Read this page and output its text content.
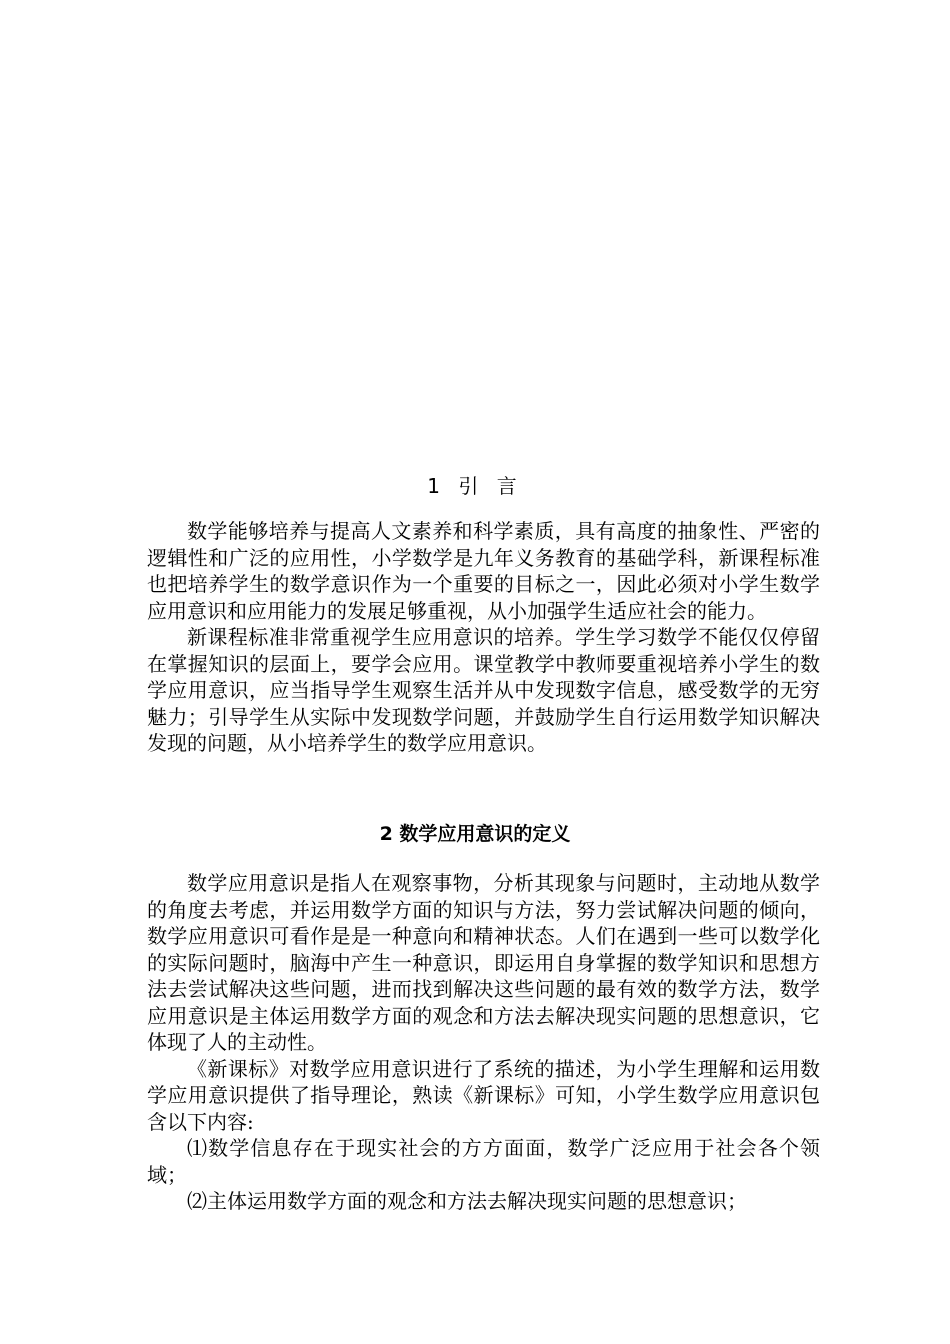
1 引 言

数学能够培养与提高人文素养和科学素质，具有高度的抽象性、严密的逻辑性和广泛的应用性，小学数学是九年义务教育的基础学科，新课程标准也把培养学生的数学意识作为一个重要的目标之一，因此必须对小学生数学应用意识和应用能力的发展足够重视，从小加强学生适应社会的能力。

新课程标准非常重视学生应用意识的培养。学生学习数学不能仅仅停留在掌握知识的层面上，要学会应用。课堂教学中教师要重视培养小学生的数学应用意识，应当指导学生观察生活并从中发现数字信息，感受数学的无穷魅力；引导学生从实际中发现数学问题，并鼓励学生自行运用数学知识解决发现的问题，从小培养学生的数学应用意识。

2 数学应用意识的定义

数学应用意识是指人在观察事物，分析其现象与问题时，主动地从数学的角度去考虑，并运用数学方面的知识与方法，努力尝试解决问题的倾向，数学应用意识可看作是是一种意向和精神状态。人们在遇到一些可以数学化的实际问题时，脑海中产生一种意识，即运用自身掌握的数学知识和思想方法去尝试解决这些问题，进而找到解决这些问题的最有效的数学方法，数学应用意识是主体运用数学方面的观念和方法去解决现实问题的思想意识，它体现了人的主动性。

《新课标》对数学应用意识进行了系统的描述，为小学生理解和运用数学应用意识提供了指导理论，熟读《新课标》可知，小学生数学应用意识包含以下内容:

⑴数学信息存在于现实社会的方方面面，数学广泛应用于社会各个领域；

⑵主体运用数学方面的观念和方法去解决现实问题的思想意识；
